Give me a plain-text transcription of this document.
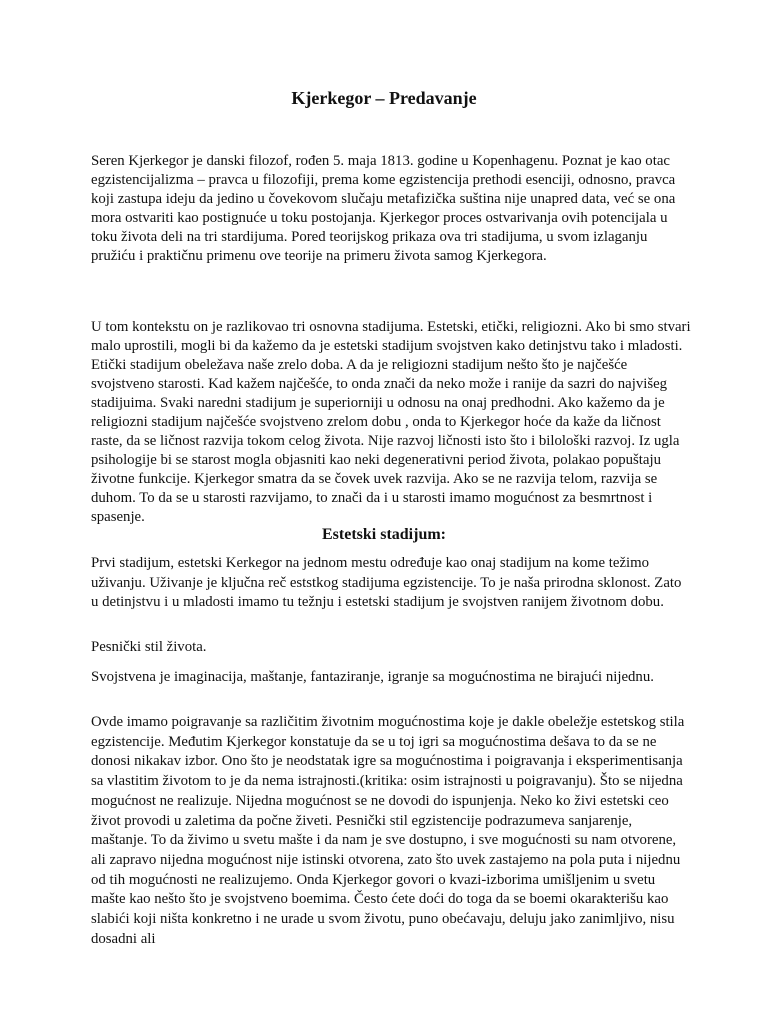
Kjerkegor – Predavanje

Seren Kjerkegor je danski filozof, rođen 5. maja 1813. godine u Kopenhagenu. Poznat je kao otac egzistencijalizma – pravca u filozofiji, prema kome egzistencija prethodi esenciji, odnosno, pravca koji zastupa ideju da jedino u čovekovom slučaju metafizička suština nije unapred data, već se ona mora ostvariti kao postignuće u toku postojanja. Kjerkegor proces ostvarivanja ovih potencijala u toku života deli na tri stardijuma. Pored teorijskog prikaza ova tri stadijuma, u svom izlaganju pružiću i praktičnu primenu ove teorije na primeru života samog Kjerkegora.

U tom kontekstu on je razlikovao tri osnovna stadijuma. Estetski, etički, religiozni. Ako bi smo stvari malo uprostili, mogli bi da kažemo da je estetski stadijum svojstven kako detinjstvu tako i mladosti. Etički stadijum obeležava naše zrelo doba. A da je religiozni stadijum nešto što je najčešće svojstveno starosti. Kad kažem najčešće, to onda znači da neko može i ranije da sazri do najvišeg stadijuima. Svaki naredni stadijum je superiorniji u odnosu na onaj predhodni. Ako kažemo da je religiozni stadijum najčešće svojstveno zrelom dobu , onda to Kjerkegor hoće da kaže da ličnost raste, da se ličnost razvija tokom celog života. Nije razvoj ličnosti isto što i bilološki razvoj. Iz ugla psihologije bi se starost mogla objasniti kao neki degenerativni period života, polakao popuštaju životne funkcije. Kjerkegor smatra da se čovek uvek razvija. Ako se ne razvija telom, razvija se duhom. To da se u starosti razvijamo, to znači da i u starosti imamo mogućnost za besmrtnost i spasenje.

Estetski stadijum:

Prvi stadijum, estetski Kerkegor na jednom mestu određuje kao onaj stadijum na kome težimo uživanju. Uživanje je ključna reč eststkog stadijuma egzistencije. To je naša prirodna sklonost. Zato u detinjstvu i u mladosti imamo tu težnju i estetski stadijum je svojstven ranijem životnom dobu.

Pesnički stil života.

Svojstvena je imaginacija, maštanje, fantaziranje, igranje sa mogućnostima ne birajući nijednu.

Ovde imamo poigravanje sa različitim životnim mogućnostima koje je dakle obeležje estetskog stila egzistencije. Međutim Kjerkegor konstatuje da se u toj igri sa mogućnostima dešava to da se ne donosi nikakav izbor. Ono što je neodstatak igre sa mogućnostima i poigravanja i eksperimentisanja sa vlastitim životom to je da nema istrajnosti.(kritika: osim istrajnosti u poigravanju). Što se nijedna mogućnost ne realizuje. Nijedna mogućnost se ne dovodi do ispunjenja. Neko ko živi estetski ceo život provodi u zaletima da počne živeti. Pesnički stil egzistencije podrazumeva sanjarenje, maštanje. To da živimo u svetu mašte i da nam je sve dostupno, i sve mogućnosti su nam otvorene, ali zapravo nijedna mogućnost nije istinski otvorena, zato što uvek zastajemo na pola puta i nijednu od tih mogućnosti ne realizujemo. Onda Kjerkegor govori o kvazi-izborima umišljenim u svetu mašte kao nešto što je svojstveno boemima. Često ćete doći do toga da se boemi okarakterišu kao slabići koji ništa konkretno i ne urade u svom životu, puno obećavaju, deluju jako zanimljivo, nisu dosadni ali
